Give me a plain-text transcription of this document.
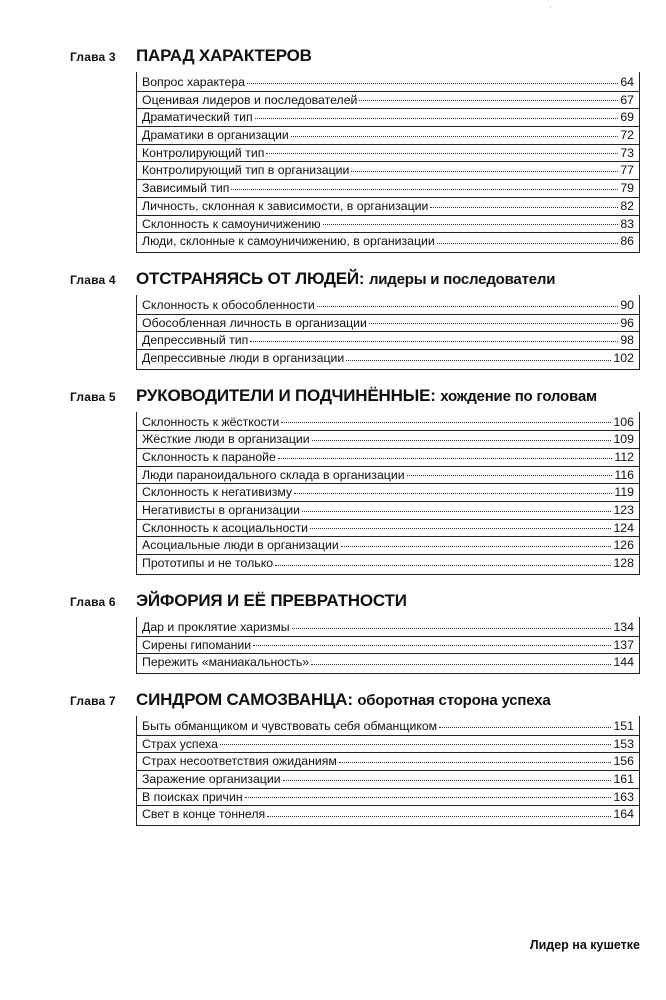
ˈ
Глава 3	ПАРАД ХАРАКТЕРОВ
Вопрос характера	64
Оценивая лидеров и последователей	67
Драматический тип	69
Драматики в организации	72
Контролирующий тип	73
Контролирующий тип в организации	77
Зависимый тип	79
Личность, склонная к зависимости, в организации	82
Склонность к самоуничижению	83
Люди, склонные к самоуничижению, в организации	86
Глава 4	ОТСТРАНЯЯСЬ ОТ ЛЮДЕЙ: лидеры и последователи
Склонность к обособленности	90
Обособленная личность в организации	96
Депрессивный тип	98
Депрессивные люди в организации	102
Глава 5	РУКОВОДИТЕЛИ И ПОДЧИНЁННЫЕ: хождение по головам
Склонность к жёсткости	106
Жёсткие люди в организации	109
Склонность к паранойе	112
Люди параноидального склада в организации	116
Склонность к негативизму	119
Негативисты в организации	123
Склонность к асоциальности	124
Асоциальные люди в организации	126
Прототипы и не только	128
Глава 6	ЭЙФОРИЯ И ЕЁ ПРЕВРАТНОСТИ
Дар и проклятие харизмы	134
Сирены гипомании	137
Пережить «маниакальность»	144
Глава 7	СИНДРОМ САМОЗВАНЦА: оборотная сторона успеха
Быть обманщиком и чувствовать себя обманщиком	151
Страх успеха	153
Страх несоответствия ожиданиям	156
Заражение организации	161
В поисках причин	163
Свет в конце тоннеля	164
Лидер на кушетке
